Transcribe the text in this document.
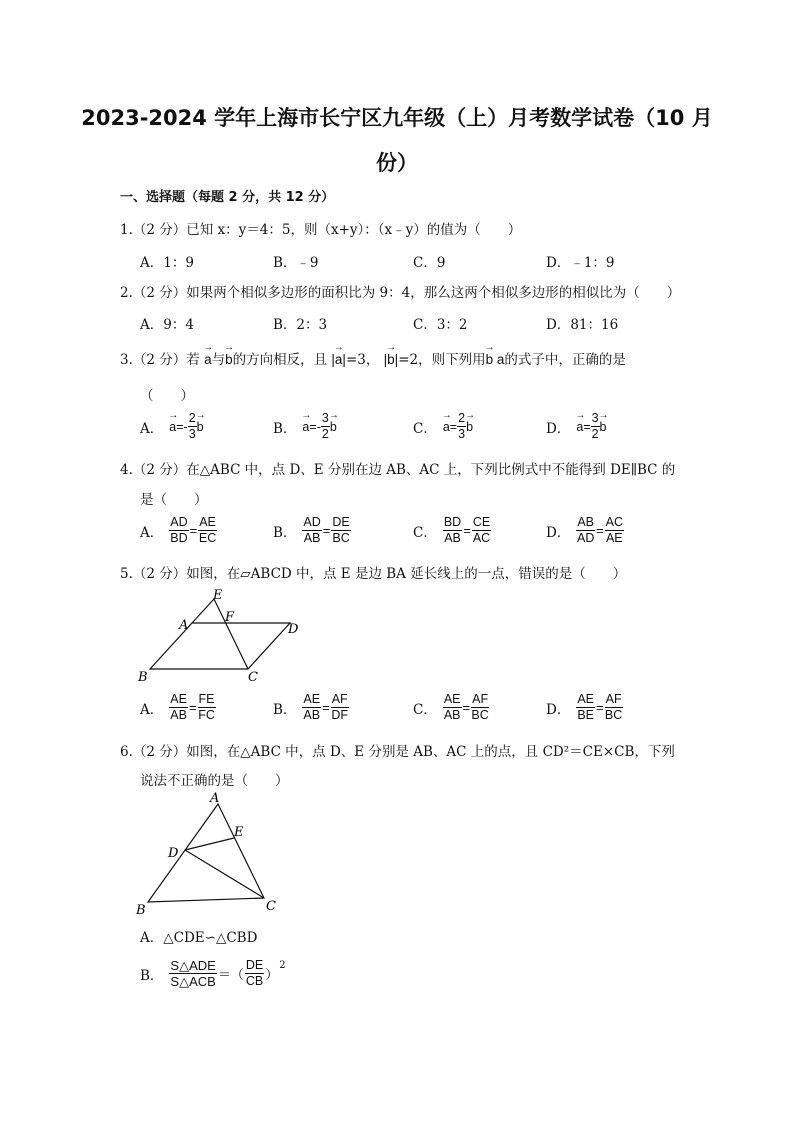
2023-2024 学年上海市长宁区九年级（上）月考数学试卷（10 月
份）
一、选择题（每题 2 分，共 12 分）
1.（2 分）已知 x：y＝4：5，则（x+y）：（x﹣y）的值为（　　）
A．1：9	B．﹣9	C．9	D．﹣1：9
2.（2 分）如果两个相似多边形的面积比为 9：4，那么这两个相似多边形的相似比为（　　）
A．9：4	B．2：3	C．3：2	D．81：16
3.（2 分）若 → a与→ b的方向相反，且 |→ a|=3， |→ b|=2，则下列用→ b a的式子中，正确的是
（　　）
A．
→ a = - $\frac{2}{3}$
→ b	B．
→ a = - $\frac{3}{2}$
→ b	C．
→ $a = \frac{2}{3}$
→ b	D．
→ $a = \frac{3}{2}$
→ b
4.（2 分）在△ABC 中，点 D、E 分别在边 AB、AC 上，下列比例式中不能得到 DE∥BC 的
是（　　）
A． $\frac{AD}{BD} = \frac{AE}{EC}$	B． $\frac{AD}{AB} = \frac{DE}{BC}$	C． $\frac{BD}{AB} = \frac{CE}{AC}$	D． $\frac{AB}{AD} = \frac{AC}{AE}$
5.（2 分）如图，在▱ABCD 中，点 E 是边 BA 延长线上的一点，错误的是（　　）
E
F
A	D
B	C
A． $\frac{AE}{AB} = \frac{FE}{FC}$	B． $\frac{AE}{AB} = \frac{AF}{DF}$	C． $\frac{AE}{AB} = \frac{AF}{BC}$	D． $\frac{AE}{BE} = \frac{AF}{BC}$
6.（2 分）如图，在△ABC 中，点 D、E 分别是 AB、AC 上的点，且 CD²＝CE×CB，下列
说法不正确的是（　　）
A
E
D
B	C
A．△CDE∽△CBD
B． $\frac{\text{S△ADE}}{\text{S△ACB}}$ ＝（ $\frac{DE}{CB}$ ）
$^2$
